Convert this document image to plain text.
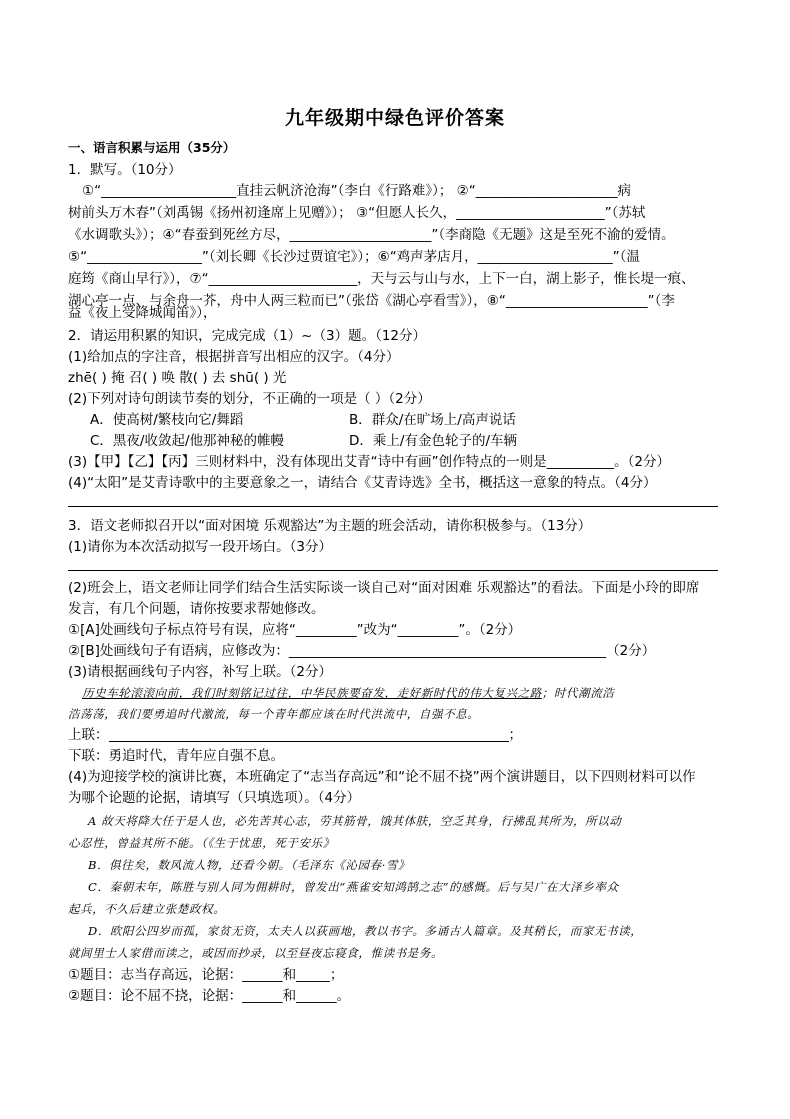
九年级期中绿色评价答案
一、语言积累与运用（35分）
1．默写。（10分）
①“____________________直挂云帆济沧海”（李白《行路难》）； ②“_____________________病
树前头万木春”（刘禹锡《扬州初逢席上见赠》）； ③“但愿人长久，______________________”（苏轼
《水调歌头》）；④“春蚕到死丝方尽，_____________________”（李商隐《无题》这是至死不渝的爱情。
⑤“_________________”（刘长卿《长沙过贾谊宅》）；⑥“鸡声茅店月，____________________”（温
庭筠《商山早行》），⑦“______________________，天与云与山与水，上下一白，湖上影子，惟长堤一痕、
湖心亭一点、与余舟一芥，舟中人两三粒而已”（张岱《湖心亭看雪》），⑧“_____________________”（李
益《夜上受降城闻笛》），
2．请运用积累的知识，完成完成（1）~（3）题。（12分）
(1)给加点的字注音，根据拼音写出相应的汉字。（4分）
zhē( ) 掩 召( ) 唤 散( ) 去 shū( ) 光
(2)下列对诗句朗读节奏的划分，不正确的一项是（ ）（2分）
A．使高树/繁枝向它/舞蹈	B．群众/在旷场上/高声说话
C．黑夜/收敛起/他那神秘的帷幔	D．乘上/有金色轮子的/车辆
(3)【甲】【乙】【丙】三则材料中，没有体现出艾青“诗中有画”创作特点的一则是__________。（2分）
(4)“太阳”是艾青诗歌中的主要意象之一，请结合《艾青诗选》全书，概括这一意象的特点。（4分）
3．语文老师拟召开以“面对困境 乐观豁达”为主题的班会活动，请你积极参与。（13分）
(1)请你为本次活动拟写一段开场白。（3分）
(2)班会上，语文老师让同学们结合生活实际谈一谈自己对“面对困难 乐观豁达”的看法。下面是小玲的即席
发言，有几个问题，请你按要求帮她修改。
①[A]处画线句子标点符号有误，应将“_________”改为“_________”。（2分）
②[B]处画线句子有语病，应修改为：_______________________________________________（2分）
(3)请根据画线句子内容，补写上联。（2分）
历史车轮滚滚向前，我们时刻铭记过往，中华民族要奋发，走好新时代的伟大复兴之路；时代潮流浩
浩荡荡，我们要勇追时代激流，每一个青年都应该在时代洪流中，自强不息。
上联：	；
下联：勇追时代，青年应自强不息。
(4)为迎接学校的演讲比赛，本班确定了“志当存高远”和“论不屈不挠”两个演讲题目，以下四则材料可以作
为哪个论题的论据，请填写（只填选项）。（4分）
A 故天将降大任于是人也，必先苦其心志，劳其筋骨，饿其体肤，空乏其身，行拂乱其所为，所以动
心忍性，曾益其所不能。（《生于忧患，死于安乐》
B．俱往矣，数风流人物，还看今朝。（毛泽东《沁园春·雪》
C．秦朝末年，陈胜与别人同为佣耕时，曾发出“燕雀安知鸿鹄之志”的感慨。后与吴广在大泽乡率众
起兵，不久后建立张楚政权。
D．欧阳公四岁而孤，家贫无资，太夫人以荻画地，教以书字。多诵古人篇章。及其稍长，而家无书读，
就闾里士人家借而读之，或因而抄录，以至昼夜忘寝食，惟读书是务。
①题目：志当存高远，论据：______和_____；
②题目：论不屈不挠，论据：______和______。
